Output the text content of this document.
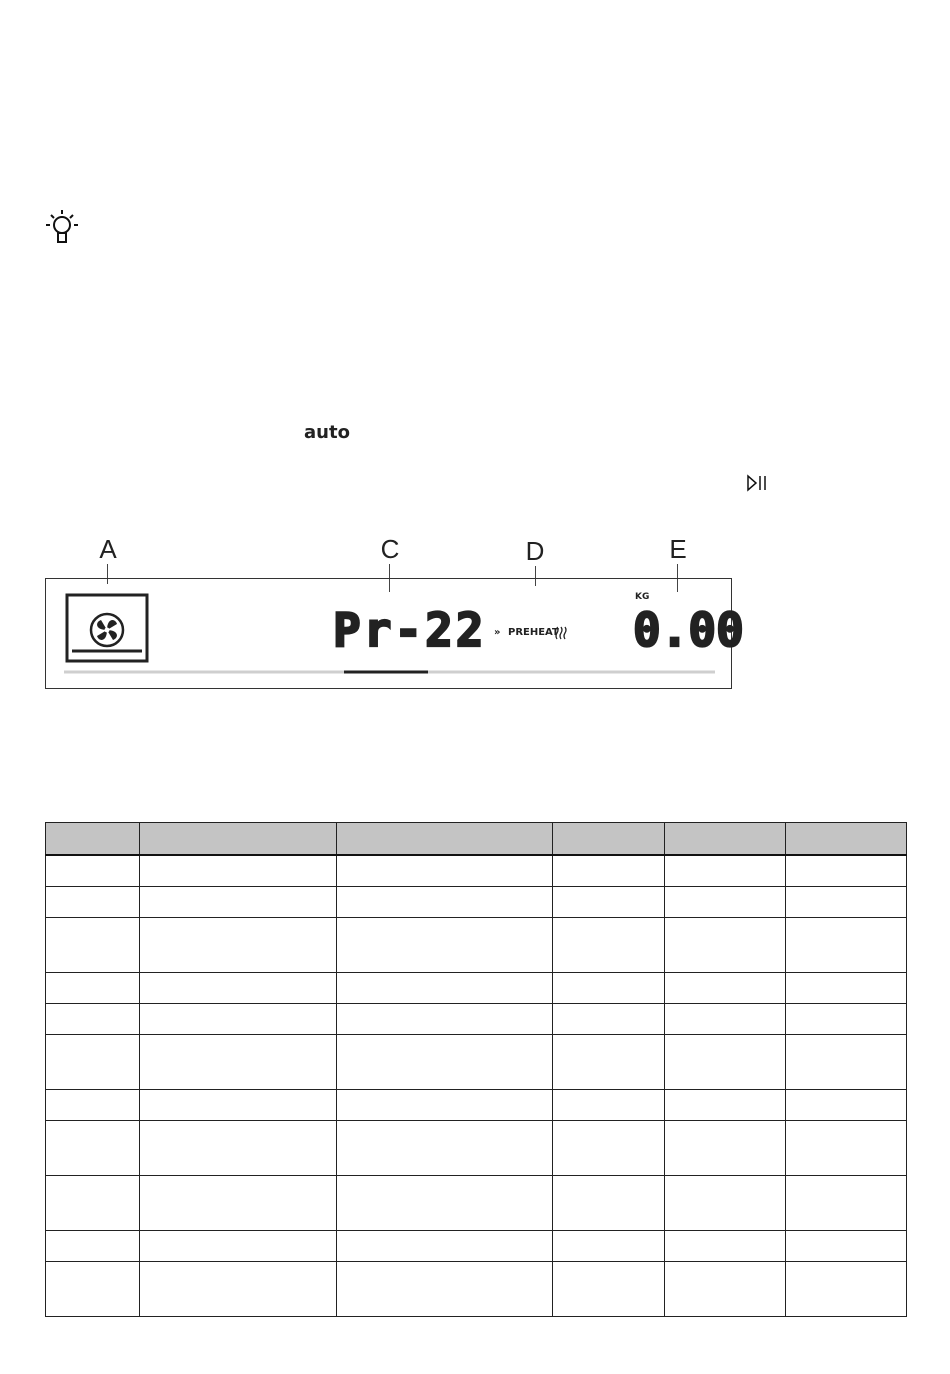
auto
A	C	D	E
Pr-22 » PREHEAT
KG
0.00
